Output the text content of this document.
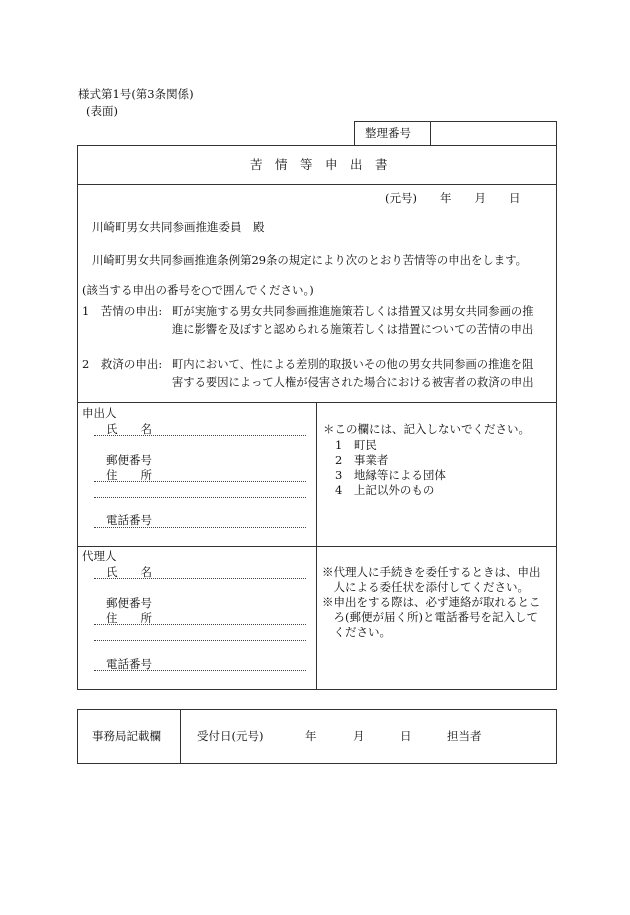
様式第1号(第3条関係)
(表面)
整理番号
苦　情　等　申　出　書
(元号)　　年　　月　　日
川崎町男女共同参画推進委員　殿
川崎町男女共同参画推進条例第29条の規定により次のとおり苦情等の申出をします。
(該当する申出の番号を○で囲んでください。)
1　苦情の申出: 町が実施する男女共同参画推進施策若しくは措置又は男女共同参画の推
進に影響を及ぼすと認められる施策若しくは措置についての苦情の申出
2　救済の申出: 町内において、性による差別的取扱いその他の男女共同参画の推進を阻
害する要因によって人権が侵害された場合における被害者の救済の申出
申出人
氏　　名
郵便番号
住　　所
電話番号
＊この欄には、記入しないでください。
1　町民
2　事業者
3　地縁等による団体
4　上記以外のもの
代理人
氏　　名
郵便番号
住　　所
電話番号
※代理人に手続きを委任するときは、申出
　人による委任状を添付してください。
※申出をする際は、必ず連絡が取れるとこ
　ろ(郵便が届く所)と電話番号を記入して
　ください。
事務局記載欄	受付日(元号)	年	月	日	担当者
